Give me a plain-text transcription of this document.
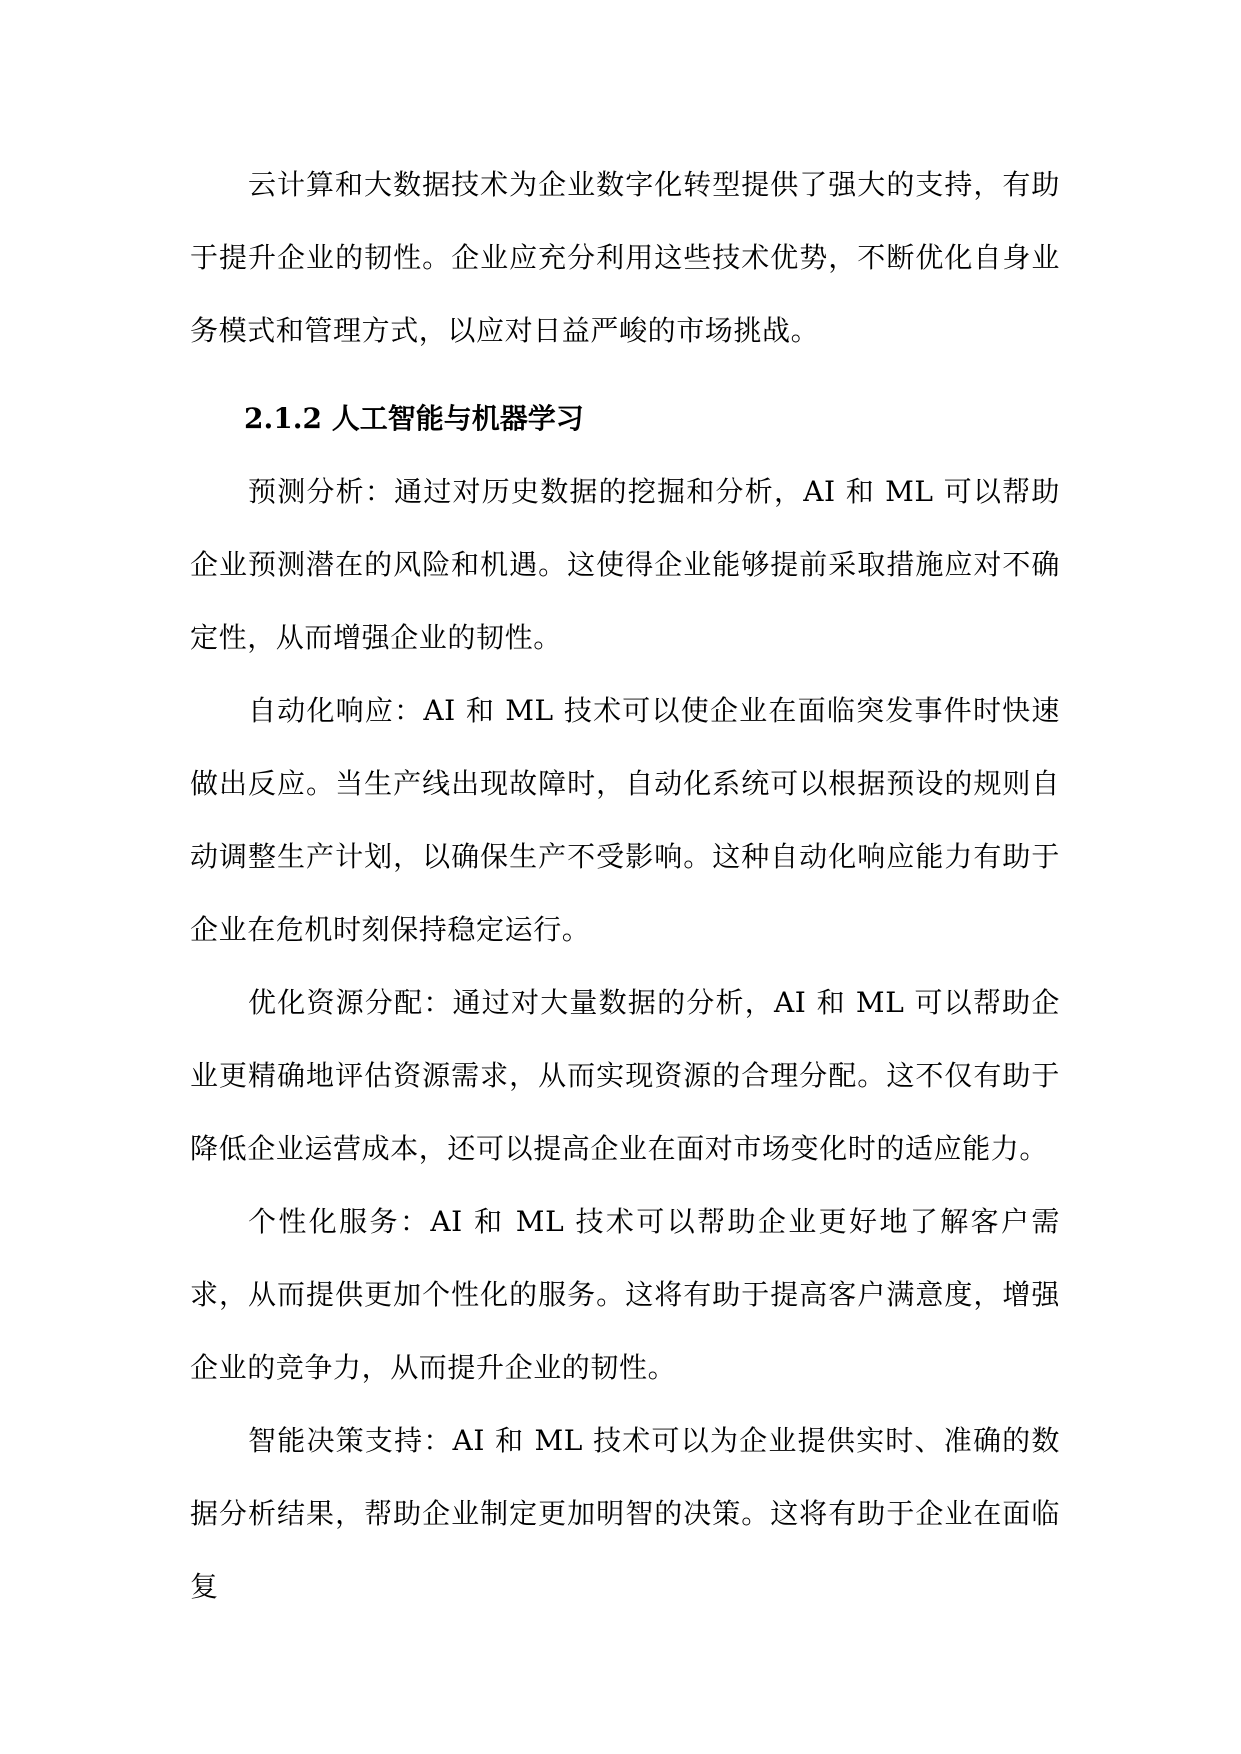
云计算和大数据技术为企业数字化转型提供了强大的支持，有助于提升企业的韧性。企业应充分利用这些技术优势，不断优化自身业务模式和管理方式，以应对日益严峻的市场挑战。

2.1.2 人工智能与机器学习

预测分析：通过对历史数据的挖掘和分析，AI 和 ML 可以帮助企业预测潜在的风险和机遇。这使得企业能够提前采取措施应对不确定性，从而增强企业的韧性。

自动化响应：AI 和 ML 技术可以使企业在面临突发事件时快速做出反应。当生产线出现故障时，自动化系统可以根据预设的规则自动调整生产计划，以确保生产不受影响。这种自动化响应能力有助于企业在危机时刻保持稳定运行。

优化资源分配：通过对大量数据的分析，AI 和 ML 可以帮助企业更精确地评估资源需求，从而实现资源的合理分配。这不仅有助于降低企业运营成本，还可以提高企业在面对市场变化时的适应能力。

个性化服务：AI 和 ML 技术可以帮助企业更好地了解客户需求，从而提供更加个性化的服务。这将有助于提高客户满意度，增强企业的竞争力，从而提升企业的韧性。

智能决策支持：AI 和 ML 技术可以为企业提供实时、准确的数据分析结果，帮助企业制定更加明智的决策。这将有助于企业在面临复
